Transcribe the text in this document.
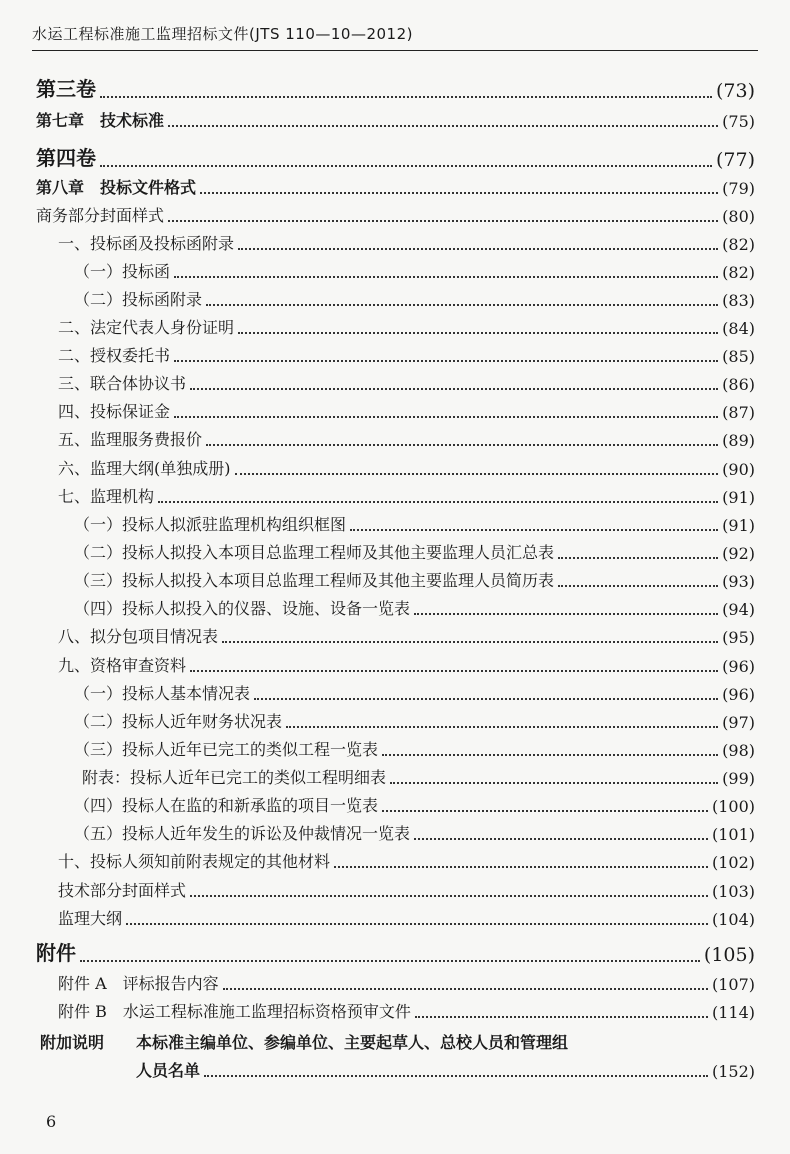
水运工程标准施工监理招标文件(JTS 110—10—2012)
第三卷	(73)
第七章　技术标准	(75)
第四卷	(77)
第八章　投标文件格式	(79)
商务部分封面样式	(80)
一、投标函及投标函附录	(82)
（一）投标函	(82)
（二）投标函附录	(83)
二、法定代表人身份证明	(84)
二、授权委托书	(85)
三、联合体协议书	(86)
四、投标保证金	(87)
五、监理服务费报价	(89)
六、监理大纲(单独成册)	(90)
七、监理机构	(91)
（一）投标人拟派驻监理机构组织框图	(91)
（二）投标人拟投入本项目总监理工程师及其他主要监理人员汇总表	(92)
（三）投标人拟投入本项目总监理工程师及其他主要监理人员简历表	(93)
（四）投标人拟投入的仪器、设施、设备一览表	(94)
八、拟分包项目情况表	(95)
九、资格审查资料	(96)
（一）投标人基本情况表	(96)
（二）投标人近年财务状况表	(97)
（三）投标人近年已完工的类似工程一览表	(98)
附表：投标人近年已完工的类似工程明细表	(99)
（四）投标人在监的和新承监的项目一览表	(100)
（五）投标人近年发生的诉讼及仲裁情况一览表	(101)
十、投标人须知前附表规定的其他材料	(102)
技术部分封面样式	(103)
监理大纲	(104)
附件	(105)
附件 A　评标报告内容	(107)
附件 B　水运工程标准施工监理招标资格预审文件	(114)
附加说明	本标准主编单位、参编单位、主要起草人、总校人员和管理组
人员名单	(152)
6
